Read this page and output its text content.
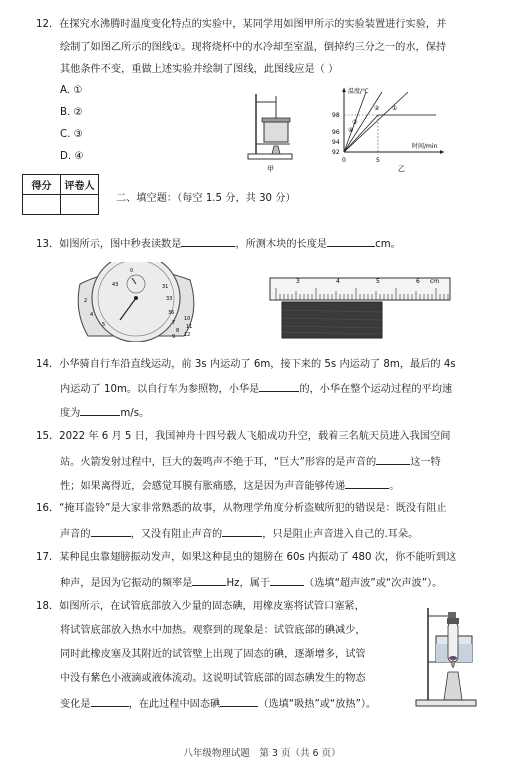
12．在探究水沸腾时温度变化特点的实验中，某同学用如图甲所示的实验装置进行实验，并
绘制了如图乙所示的图线①。现将烧杯中的水冷却至室温，倒掉约三分之一的水，保持
其他条件不变，重做上述实验并绘制了图线，此图线应是（ ）
A. ①
B. ②
C. ③
D. ④
甲
温度/℃
时间/min
98
96
94
92
0	5
④
③
② ①
乙
得分	评卷人

二、填空题：（每空 1.5 分，共 30 分）
13．如图所示，图中秒表读数是	，所测木块的长度是	cm。
0
31
2	33
4
5
36
7
8
9
10
11
12
43	3	4	5	6 cm
14．小华骑自行车沿直线运动，前 3s 内运动了 6m，接下来的 5s 内运动了 8m，最后的 4s
内运动了 10m。以自行车为参照物，小华是	的，小华在整个运动过程的平均速
度为	m/s。
15．2022 年 6 月 5 日，我国神舟十四号载人飞船成功升空，载着三名航天员进入我国空间
站。火箭发射过程中，巨大的轰鸣声不绝于耳，“巨大”形容的是声音的	这一特
性；如果离得近，会感觉耳膜有胀痛感，这是因为声音能够传递	。
16．“掩耳盗铃”是大家非常熟悉的故事，从物理学角度分析盗贼所犯的错误是：既没有阻止
声音的	，又没有阻止声音的	，只是阻止声音进入自己的.耳朵。
17．某种昆虫靠翅膀振动发声，如果这种昆虫的翅膀在 60s 内振动了 480 次，你不能听到这
种声，是因为它振动的频率是	Hz，属于	（选填“超声波”或“次声波”）。
18．如图所示，在试管底部放入少量的固态碘，用橡皮塞将试管口塞紧，
将试管底部放入热水中加热。观察到的现象是：试管底部的碘减少，
同时此橡皮塞及其附近的试管壁上出现了固态的碘，逐渐增多，试管
中没有紫色小液滴或液体流动。这说明试管底部的固态碘发生的物态
变化是	，在此过程中固态碘	（选填“吸热”或“放热”）。
八年级物理试题　第 3 页（共 6 页）
